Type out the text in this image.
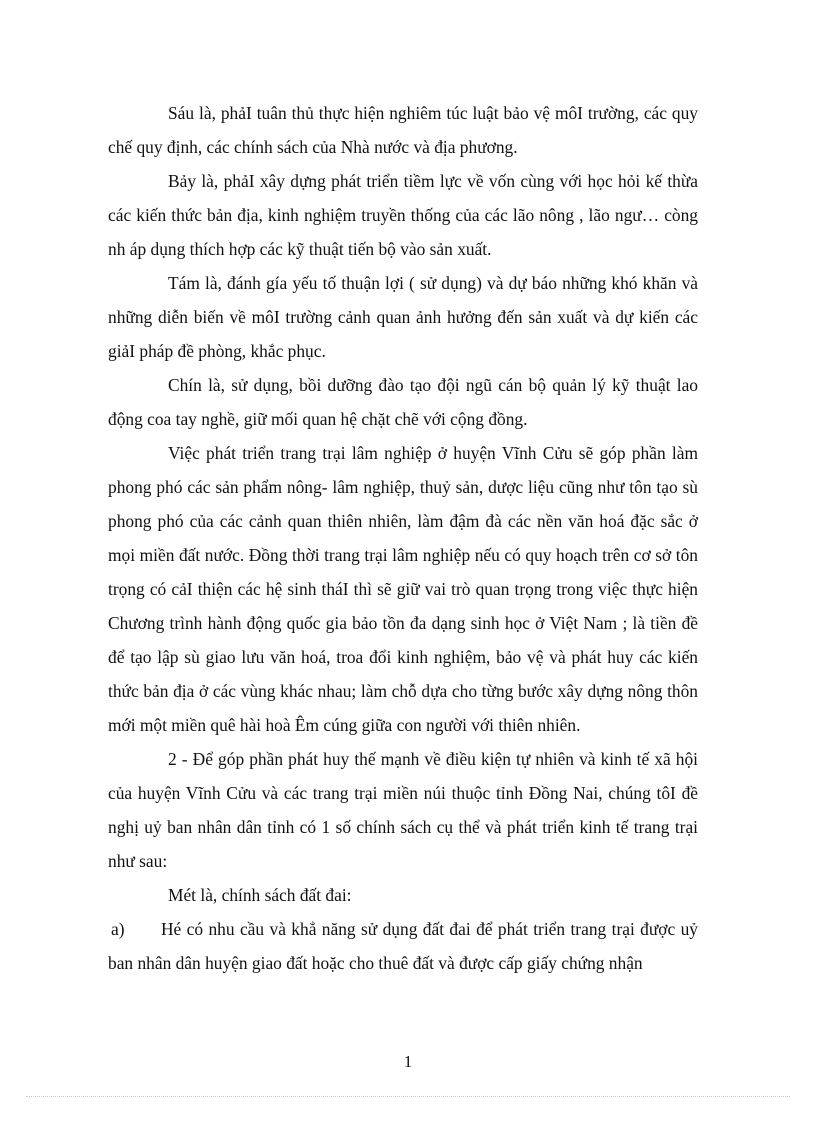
Sáu là, phảI tuân thủ thực hiện nghiêm túc luật bảo vệ môI trường, các quy chế quy định, các chính sách của Nhà nước và địa phương.

Bảy là, phảI xây dựng phát triển tiềm lực về vốn cùng với học hỏi kế thừa các kiến thức bản địa, kinh nghiệm truyền thống của các lão nông , lão ngư… còng nh áp dụng thích hợp các kỹ thuật tiến bộ vào sản xuất.

Tám là, đánh gía yếu tố thuận lợi ( sử dụng) và dự báo những khó khăn và những diễn biến về môI trường cảnh quan ảnh hưởng đến sản xuất và dự kiến các giảI pháp đề phòng, khắc phục.

Chín là, sử dụng, bồi dưỡng đào tạo đội ngũ cán bộ quản lý kỹ thuật lao động coa tay nghề, giữ mối quan hệ chặt chẽ với cộng đồng.

Việc phát triển trang trại lâm nghiệp ở huyện Vĩnh Cửu sẽ góp phần làm phong phó các sản phẩm nông- lâm nghiệp, thuỷ sản, dược liệu cũng như tôn tạo sù phong phó của các cảnh quan thiên nhiên, làm đậm đà các nền văn hoá đặc sắc ở mọi miền đất nước. Đồng thời trang trại lâm nghiệp nếu có quy hoạch trên cơ sở tôn trọng có cảI thiện các hệ sinh tháI thì sẽ giữ vai trò quan trọng trong việc thực hiện Chương trình hành động quốc gia bảo tồn đa dạng sinh học ở Việt Nam ; là tiền đề để tạo lập sù giao lưu văn hoá, troa đổi kinh nghiệm, bảo vệ và phát huy các kiến thức bản địa ở các vùng khác nhau; làm chỗ dựa cho từng bước xây dựng nông thôn mới một miền quê hài hoà Êm cúng giữa con người với thiên nhiên.

2 - Để góp phần phát huy thế mạnh về điều kiện tự nhiên và kinh tế xã hội của huyện Vĩnh Cửu và các trang trại miền núi thuộc tỉnh Đồng Nai, chúng tôI đề nghị uỷ ban nhân dân tỉnh có 1 số chính sách cụ thể và phát triển kinh tế trang trại như sau:

Mét là, chính sách đất đai:

a) Hé có nhu cầu và khẳ năng sử dụng đất đai để phát triển trang trại được uỷ ban nhân dân huyện giao đất hoặc cho thuê đất và được cấp giấy chứng nhận

1
